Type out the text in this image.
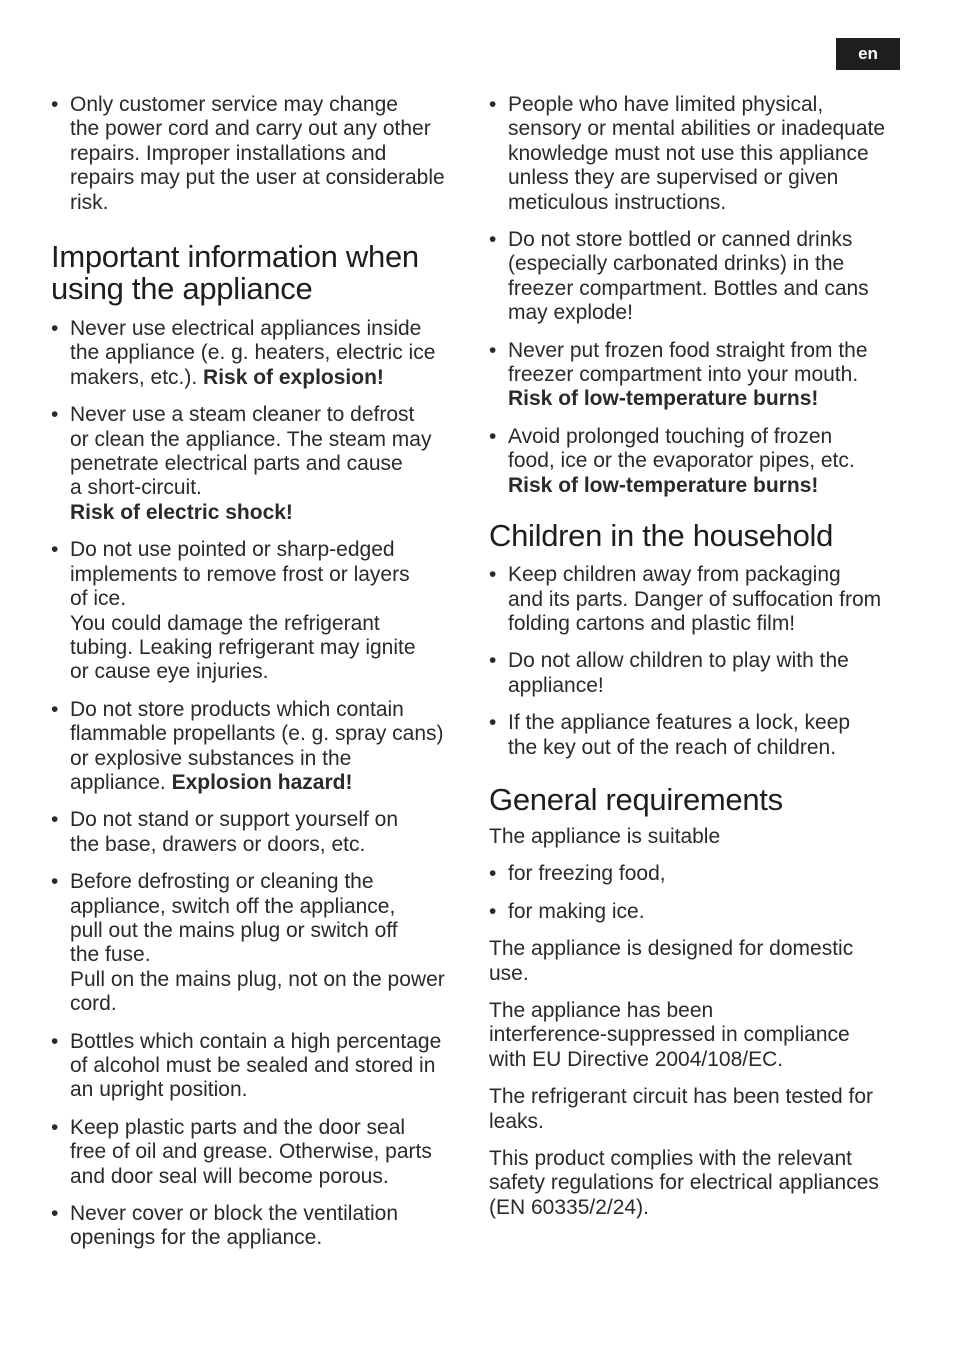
en
• Only customer service may change
the power cord and carry out any other
repairs. Improper installations and
repairs may put the user at considerable
risk.
Important information when
using the appliance
• Never use electrical appliances inside
the appliance (e. g. heaters, electric ice
makers, etc.). Risk of explosion!
• Never use a steam cleaner to defrost
or clean the appliance. The steam may
penetrate electrical parts and cause
a short-circuit.
Risk of electric shock!
• Do not use pointed or sharp-edged
implements to remove frost or layers
of ice.
You could damage the refrigerant
tubing. Leaking refrigerant may ignite
or cause eye injuries.
• Do not store products which contain
flammable propellants (e. g. spray cans)
or explosive substances in the
appliance. Explosion hazard!
• Do not stand or support yourself on
the base, drawers or doors, etc.
• Before defrosting or cleaning the
appliance, switch off the appliance,
pull out the mains plug or switch off
the fuse.
Pull on the mains plug, not on the power
cord.
• Bottles which contain a high percentage
of alcohol must be sealed and stored in
an upright position.
• Keep plastic parts and the door seal
free of oil and grease. Otherwise, parts
and door seal will become porous.
• Never cover or block the ventilation
openings for the appliance.
• People who have limited physical,
sensory or mental abilities or inadequate
knowledge must not use this appliance
unless they are supervised or given
meticulous instructions.
• Do not store bottled or canned drinks
(especially carbonated drinks) in the
freezer compartment. Bottles and cans
may explode!
• Never put frozen food straight from the
freezer compartment into your mouth.
Risk of low-temperature burns!
• Avoid prolonged touching of frozen
food, ice or the evaporator pipes, etc.
Risk of low-temperature burns!
Children in the household
• Keep children away from packaging
and its parts. Danger of suffocation from
folding cartons and plastic film!
• Do not allow children to play with the
appliance!
• If the appliance features a lock, keep
the key out of the reach of children.
General requirements

The appliance is suitable

• for freezing food,
• for making ice.

The appliance is designed for domestic
use.

The appliance has been
interference-suppressed in compliance
with EU Directive 2004/108/EC.

The refrigerant circuit has been tested for
leaks.

This product complies with the relevant
safety regulations for electrical appliances
(EN 60335/2/24).
